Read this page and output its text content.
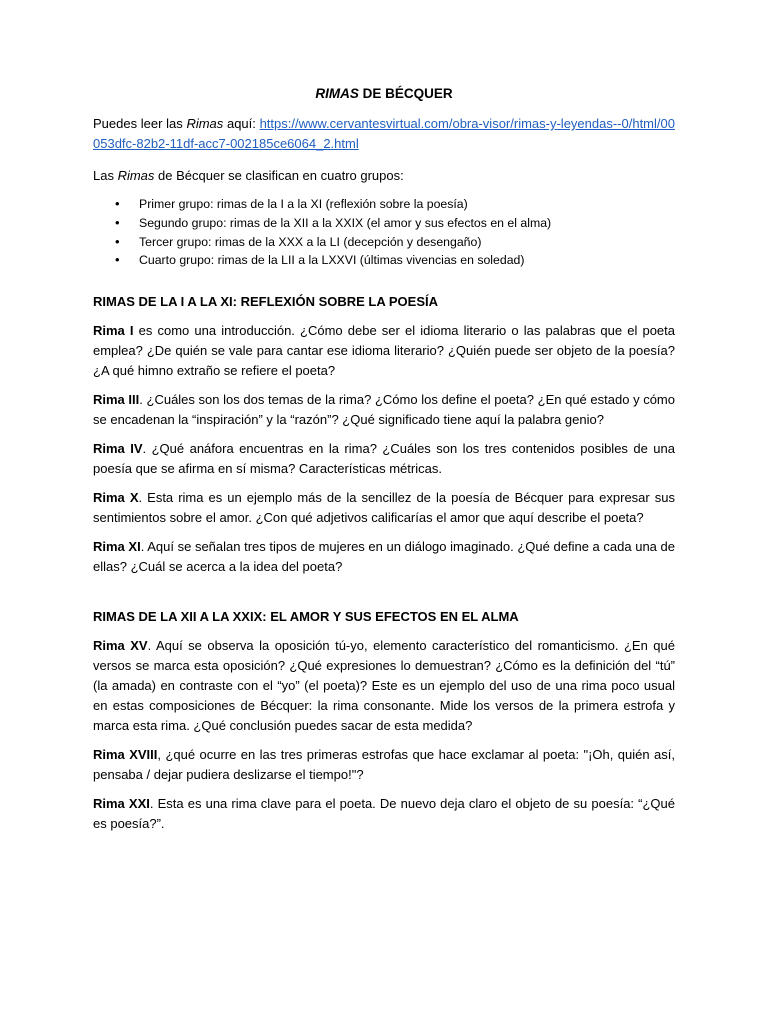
RIMAS DE BÉCQUER

Puedes leer las Rimas aquí: https://www.cervantesvirtual.com/obra-visor/rimas-y-leyendas--0/html/00053dfc-82b2-11df-acc7-002185ce6064_2.html

Las Rimas de Bécquer se clasifican en cuatro grupos:

• Primer grupo: rimas de la I a la XI (reflexión sobre la poesía)
• Segundo grupo: rimas de la XII a la XXIX (el amor y sus efectos en el alma)
• Tercer grupo: rimas de la XXX a la LI (decepción y desengaño)
• Cuarto grupo: rimas de la LII a la LXXVI (últimas vivencias en soledad)
RIMAS DE LA I A LA XI: REFLEXIÓN SOBRE LA POESÍA

Rima I es como una introducción. ¿Cómo debe ser el idioma literario o las palabras que el poeta emplea? ¿De quién se vale para cantar ese idioma literario? ¿Quién puede ser objeto de la poesía? ¿A qué himno extraño se refiere el poeta?

Rima III. ¿Cuáles son los dos temas de la rima? ¿Cómo los define el poeta? ¿En qué estado y cómo se encadenan la “inspiración” y la “razón”? ¿Qué significado tiene aquí la palabra genio?

Rima IV. ¿Qué anáfora encuentras en la rima? ¿Cuáles son los tres contenidos posibles de una poesía que se afirma en sí misma? Características métricas.

Rima X. Esta rima es un ejemplo más de la sencillez de la poesía de Bécquer para expresar sus sentimientos sobre el amor. ¿Con qué adjetivos calificarías el amor que aquí describe el poeta?

Rima XI. Aquí se señalan tres tipos de mujeres en un diálogo imaginado. ¿Qué define a cada una de ellas? ¿Cuál se acerca a la idea del poeta?

RIMAS DE LA XII A LA XXIX: EL AMOR Y SUS EFECTOS EN EL ALMA

Rima XV. Aquí se observa la oposición tú-yo, elemento característico del romanticismo. ¿En qué versos se marca esta oposición? ¿Qué expresiones lo demuestran? ¿Cómo es la definición del “tú” (la amada) en contraste con el “yo” (el poeta)? Este es un ejemplo del uso de una rima poco usual en estas composiciones de Bécquer: la rima consonante. Mide los versos de la primera estrofa y marca esta rima. ¿Qué conclusión puedes sacar de esta medida?

Rima XVIII, ¿qué ocurre en las tres primeras estrofas que hace exclamar al poeta: "¡Oh, quién así, pensaba / dejar pudiera deslizarse el tiempo!"?

Rima XXI. Esta es una rima clave para el poeta. De nuevo deja claro el objeto de su poesía: “¿Qué es poesía?”.
